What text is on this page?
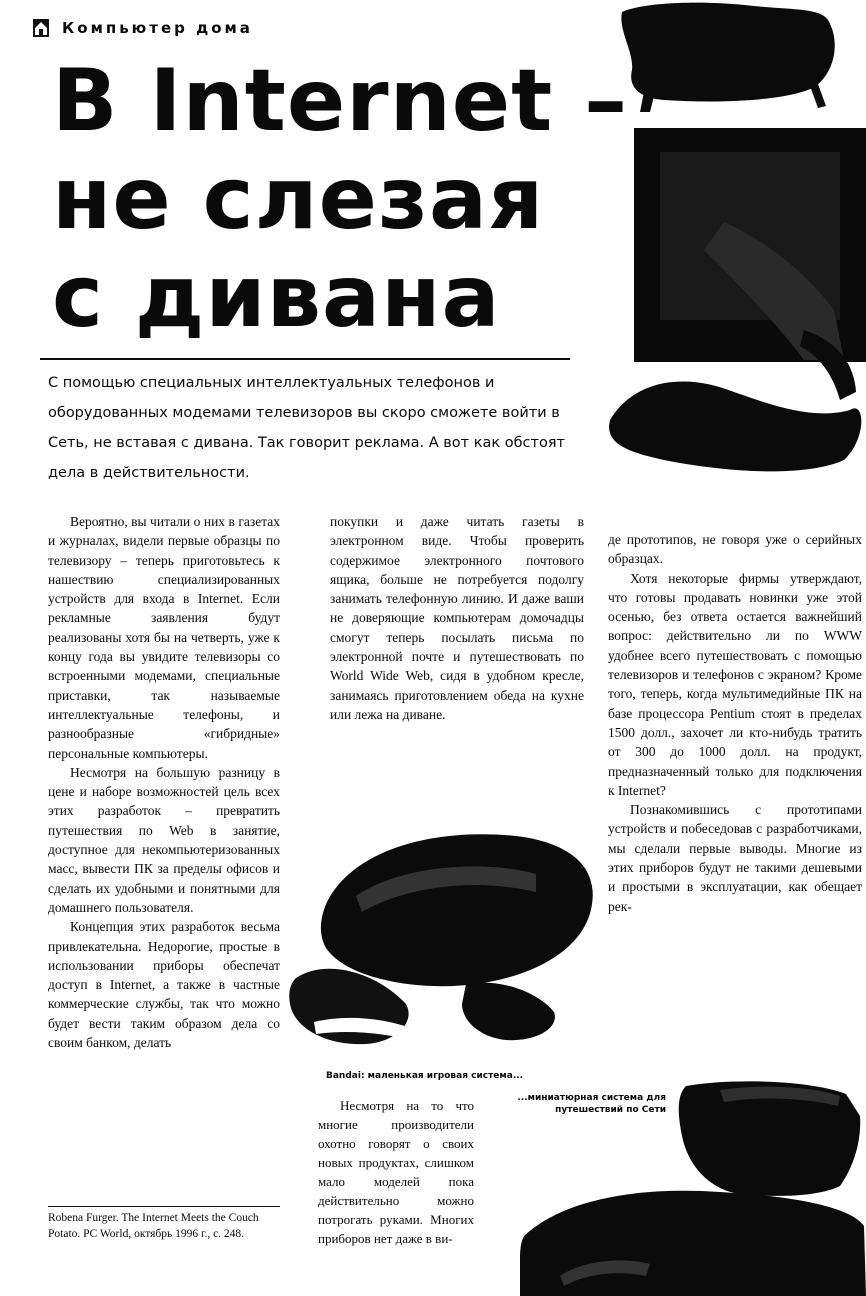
Компьютер дома
В Internet –
не слезая
с дивана

С помощью специальных интеллектуальных телефонов и оборудованных модемами телевизоров вы скоро сможете войти в Сеть, не вставая с дивана. Так говорит реклама. А вот как обстоят дела в действительности.

Вероятно, вы читали о них в газетах и журналах, видели первые образцы по телевизору – теперь приготовьтесь к нашествию специализированных устройств для входа в Internet. Если рекламные заявления будут реализованы хотя бы на четверть, уже к концу года вы увидите телевизоры со встроенными модемами, специальные приставки, так называемые интеллектуальные телефоны, и разнообразные «гибридные» персональные компьютеры.

Несмотря на большую разницу в цене и наборе возможностей цель всех этих разработок – превратить путешествия по Web в занятие, доступное для некомпьютеризованных масс, вывести ПК за пределы офисов и сделать их удобными и понятными для домашнего пользователя.

Концепция этих разработок весьма привлекательна. Недорогие, простые в использовании приборы обеспечат доступ в Internet, а также в частные коммерческие службы, так что можно будет вести таким образом дела со своим банком, делать

Robena Furger. The Internet Meets the Couch Potato. PC World, октябрь 1996 г., с. 248.

покупки и даже читать газеты в электронном виде. Чтобы проверить содержимое электронного почтового ящика, больше не потребуется подолгу занимать телефонную линию. И даже ваши не доверяющие компьютерам домочадцы смогут теперь посылать письма по электронной почте и путешествовать по World Wide Web, сидя в удобном кресле, занимаясь приготовлением обеда на кухне или лежа на диване.

Bandai: маленькая игровая система...

Несмотря на то что многие производители охотно говорят о своих новых продуктах, слишком мало моделей пока действительно можно потрогать руками. Многих приборов нет даже в ви-

...миниатюрная система для путешествий по Сети

де прототипов, не говоря уже о серийных образцах.

Хотя некоторые фирмы утверждают, что готовы продавать новинки уже этой осенью, без ответа остается важнейший вопрос: действительно ли по WWW удобнее всего путешествовать с помощью телевизоров и телефонов с экраном? Кроме того, теперь, когда мультимедийные ПК на базе процессора Pentium стоят в пределах 1500 долл., захочет ли кто-нибудь тратить от 300 до 1000 долл. на продукт, предназначенный только для подключения к Internet?

Познакомившись с прототипами устройств и побеседовав с разработчиками, мы сделали первые выводы. Многие из этих приборов будут не такими дешевыми и простыми в эксплуатации, как обещает рек-
